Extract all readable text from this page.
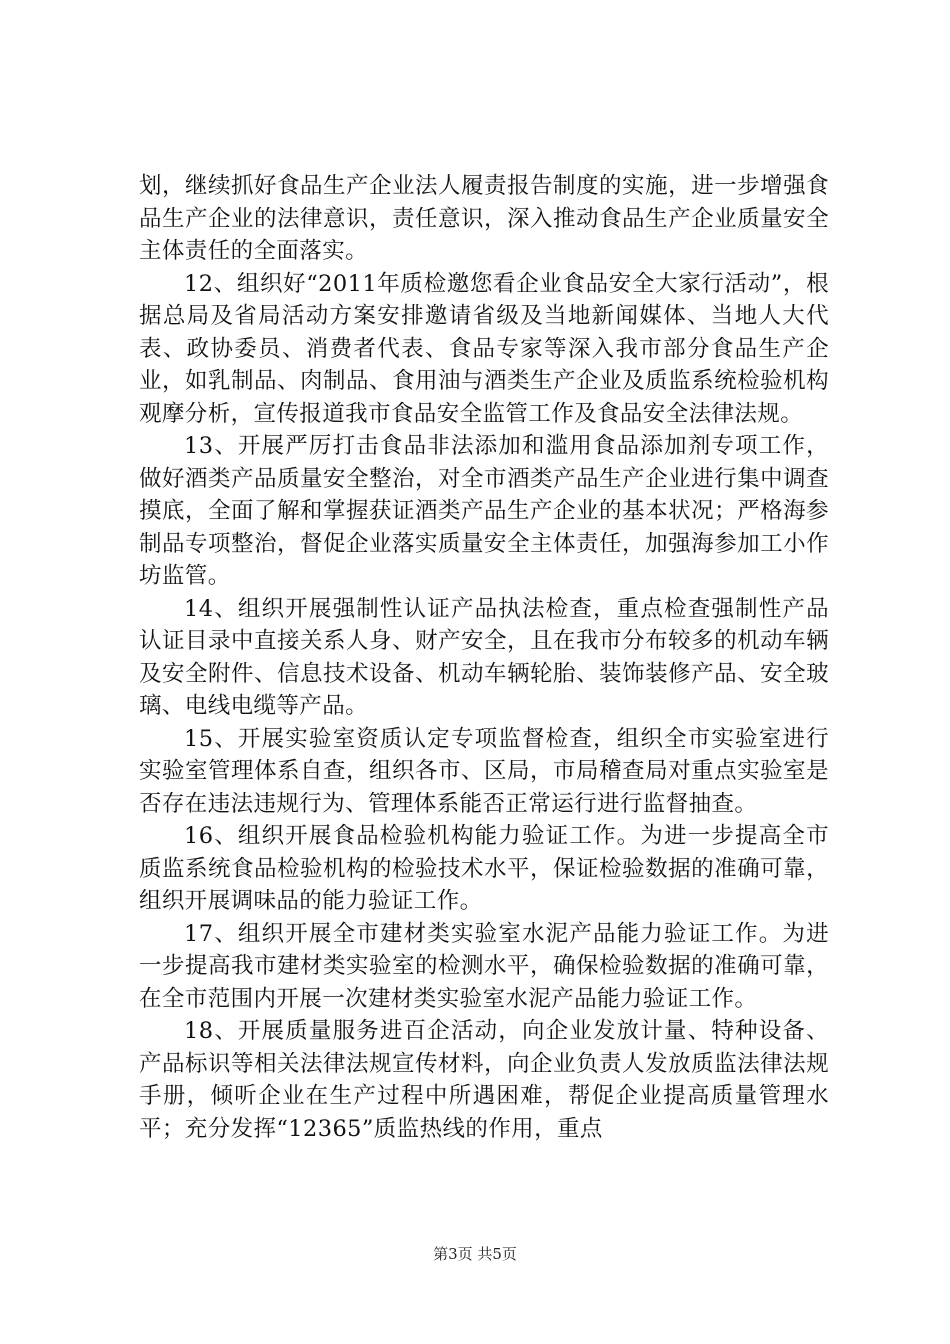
划，继续抓好食品生产企业法人履责报告制度的实施，进一步增强食品生产企业的法律意识，责任意识，深入推动食品生产企业质量安全主体责任的全面落实。

12、组织好“2011年质检邀您看企业食品安全大家行活动”，根据总局及省局活动方案安排邀请省级及当地新闻媒体、当地人大代表、政协委员、消费者代表、食品专家等深入我市部分食品生产企业，如乳制品、肉制品、食用油与酒类生产企业及质监系统检验机构观摩分析，宣传报道我市食品安全监管工作及食品安全法律法规。

13、开展严厉打击食品非法添加和滥用食品添加剂专项工作，做好酒类产品质量安全整治，对全市酒类产品生产企业进行集中调查摸底，全面了解和掌握获证酒类产品生产企业的基本状况；严格海参制品专项整治，督促企业落实质量安全主体责任，加强海参加工小作坊监管。

14、组织开展强制性认证产品执法检查，重点检查强制性产品认证目录中直接关系人身、财产安全，且在我市分布较多的机动车辆及安全附件、信息技术设备、机动车辆轮胎、装饰装修产品、安全玻璃、电线电缆等产品。

15、开展实验室资质认定专项监督检查，组织全市实验室进行实验室管理体系自查，组织各市、区局，市局稽查局对重点实验室是否存在违法违规行为、管理体系能否正常运行进行监督抽查。

16、组织开展食品检验机构能力验证工作。为进一步提高全市质监系统食品检验机构的检验技术水平，保证检验数据的准确可靠，组织开展调味品的能力验证工作。

17、组织开展全市建材类实验室水泥产品能力验证工作。为进一步提高我市建材类实验室的检测水平，确保检验数据的准确可靠，在全市范围内开展一次建材类实验室水泥产品能力验证工作。

18、开展质量服务进百企活动，向企业发放计量、特种设备、产品标识等相关法律法规宣传材料，向企业负责人发放质监法律法规手册，倾听企业在生产过程中所遇困难，帮促企业提高质量管理水平；充分发挥“12365”质监热线的作用，重点

第3页 共5页
